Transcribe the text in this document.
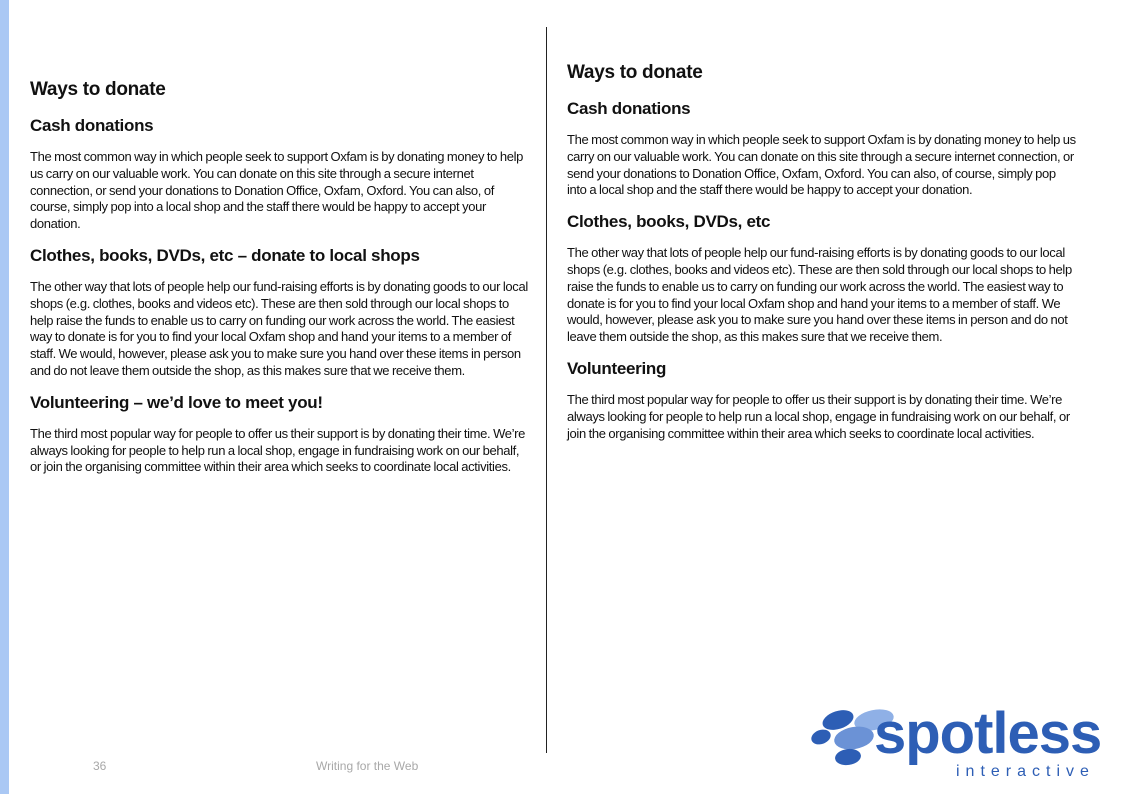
Ways to donate
Cash donations

The most common way in which people seek to support Oxfam is by donating money to help us carry on our valuable work. You can donate on this site through a secure internet connection, or send your donations to Donation Office, Oxfam, Oxford. You can also, of course, simply pop into a local shop and the staff there would be happy to accept your donation.

Clothes, books, DVDs, etc – donate to local shops

The other way that lots of people help our fund-raising efforts is by donating goods to our local shops (e.g. clothes, books and videos etc). These are then sold through our local shops to help raise the funds to enable us to carry on funding our work across the world. The easiest way to donate is for you to find your local Oxfam shop and hand your items to a member of staff. We would, however, please ask you to make sure you hand over these items in person and do not leave them outside the shop, as this makes sure that we receive them.

Volunteering – we’d love to meet you!

The third most popular way for people to offer us their support is by donating their time. We’re always looking for people to help run a local shop, engage in fundraising work on our behalf, or join the organising committee within their area which seeks to coordinate local activities.

Ways to donate
Cash donations

The most common way in which people seek to support Oxfam is by donating money to help us carry on our valuable work. You can donate on this site through a secure internet connection, or send your donations to Donation Office, Oxfam, Oxford. You can also, of course, simply pop into a local shop and the staff there would be happy to accept your donation.

Clothes, books, DVDs, etc

The other way that lots of people help our fund-raising efforts is by donating goods to our local shops (e.g. clothes, books and videos etc). These are then sold through our local shops to help raise the funds to enable us to carry on funding our work across the world. The easiest way to donate is for you to find your local Oxfam shop and hand your items to a member of staff. We would, however, please ask you to make sure you hand over these items in person and do not leave them outside the shop, as this makes sure that we receive them.

Volunteering

The third most popular way for people to offer us their support is by donating their time. We’re always looking for people to help run a local shop, engage in fundraising work on our behalf, or join the organising committee within their area which seeks to coordinate local activities.

36	Writing for the Web	spotless
interactive
